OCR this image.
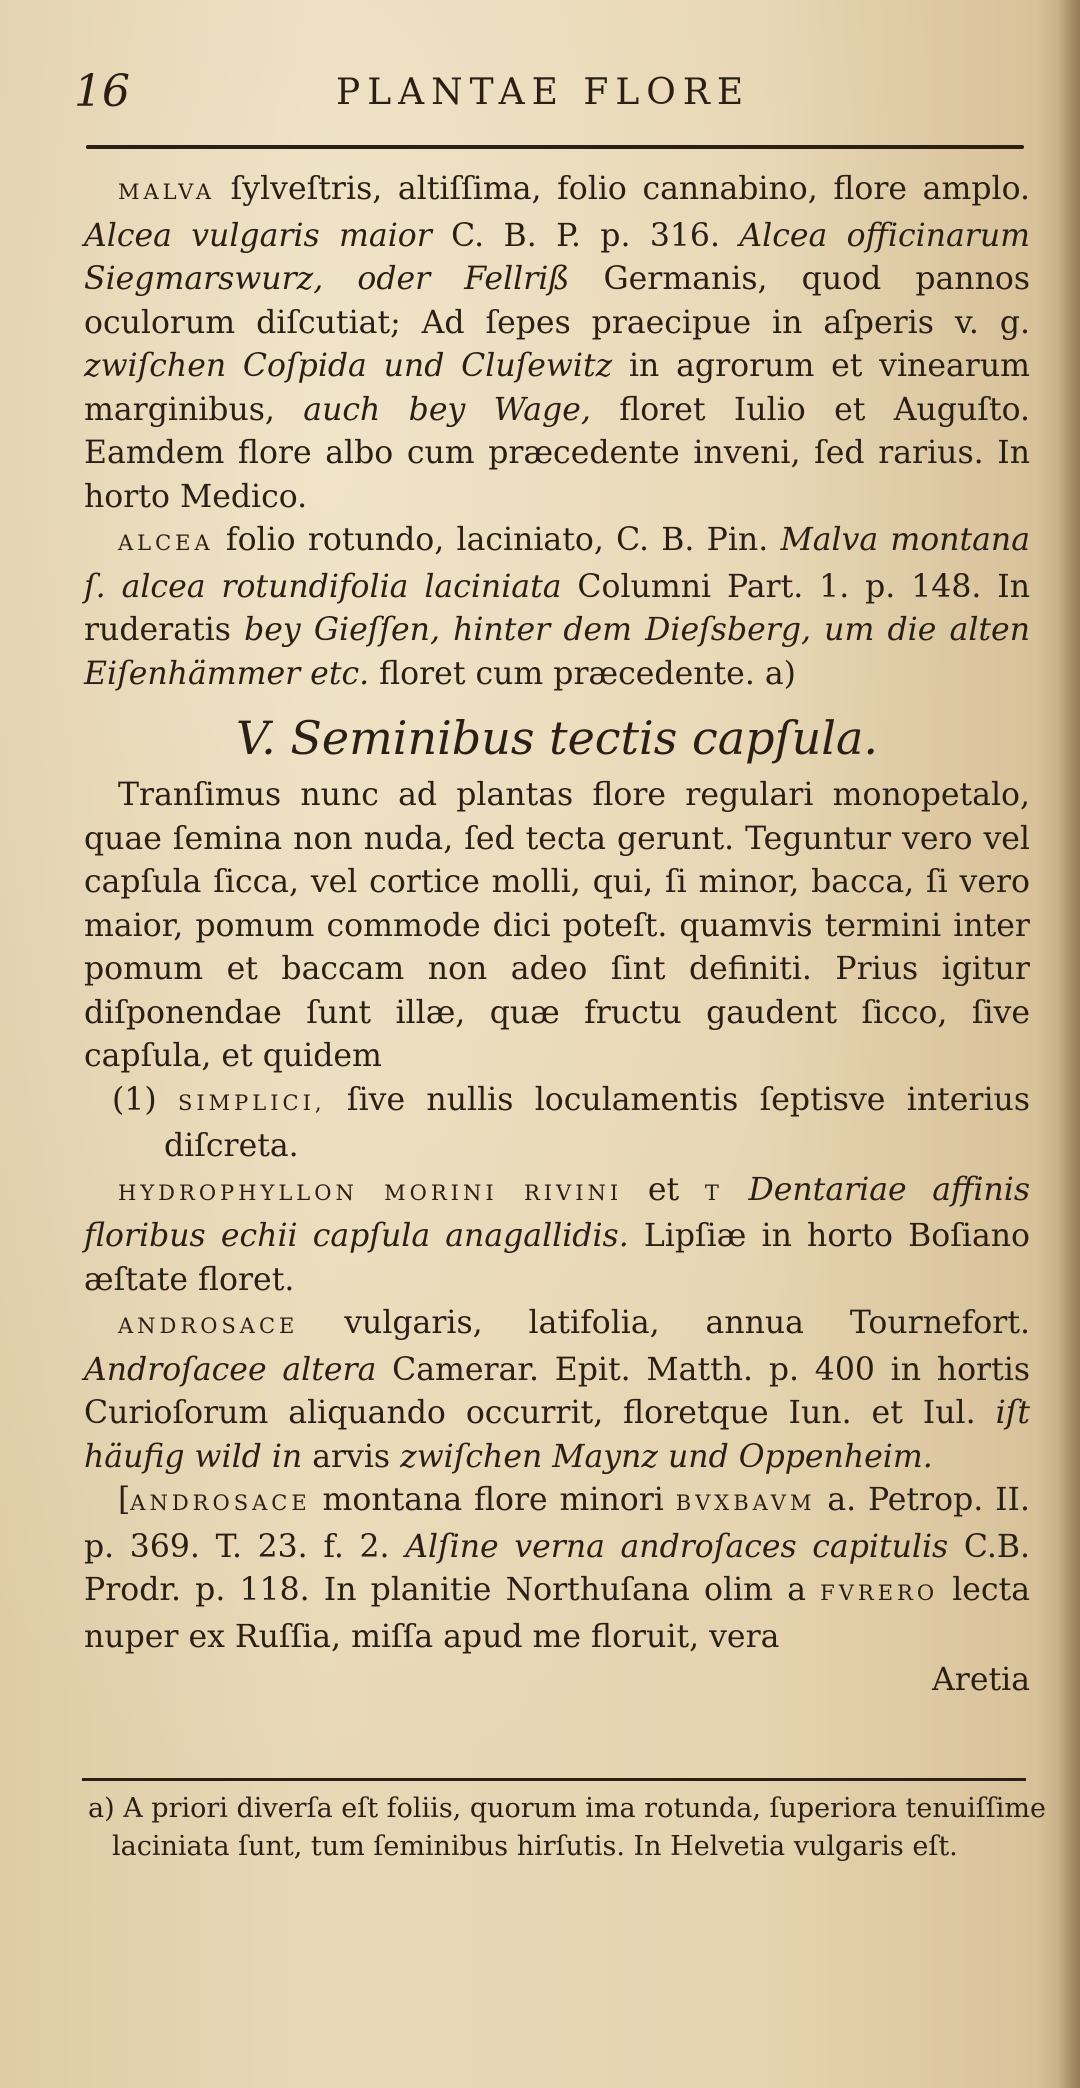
16	PLANTAE FLORE

MALVA ſylveſtris, altiſſima, folio cannabino, flore amplo. Alcea vulgaris maior C. B. P. p. 316. Alcea officinarum Siegmarswurz, oder Fellriß Germanis, quod pannos oculorum diſcutiat; Ad ſepes praecipue in aſperis v. g. zwiſchen Coſpida und Cluſewitz in agrorum et vinearum marginibus, auch bey Wage, floret Iulio et Auguſto. Eamdem flore albo cum præcedente inveni, ſed rarius. In horto Medico.

ALCEA folio rotundo, laciniato, C. B. Pin. Malva montana ſ. alcea rotundifolia laciniata Columni Part. 1. p. 148. In ruderatis bey Gieſſen, hinter dem Dieſsberg, um die alten Eiſenhämmer etc. floret cum præcedente. a)

V. Seminibus tectis capſula.

Tranſimus nunc ad plantas flore regulari monopetalo, quae ſemina non nuda, ſed tecta gerunt. Teguntur vero vel capſula ſicca, vel cortice molli, qui, ſi minor, bacca, ſi vero maior, pomum commode dici poteſt. quamvis termini inter pomum et baccam non adeo ſint definiti. Prius igitur diſponendae ſunt illæ, quæ fructu gaudent ſicco, ſive capſula, et quidem

(1) SIMPLICI, ſive nullis loculamentis ſeptisve interius diſcreta.

HYDROPHYLLON MORINI RIVINI et T Dentariae affinis floribus echii capſula anagallidis. Lipſiæ in horto Boſiano æſtate floret.

ANDROSACE vulgaris, latifolia, annua Tournefort. Androſacee altera Camerar. Epit. Matth. p. 400 in hortis Curioſorum aliquando occurrit, floretque Iun. et Iul. iſt häufig wild in arvis zwiſchen Maynz und Oppenheim.

[ANDROSACE montana flore minori BVXBAVM a. Petrop. II. p. 369. T. 23. f. 2. Alſine verna androſaces capitulis C.B. Prodr. p. 118. In planitie Northuſana olim a FVRERO lecta nuper ex Ruſſia, miſſa apud me floruit, vera

Aretia

a) A priori diverſa eſt foliis, quorum ima rotunda, ſuperiora tenuiſſime laciniata ſunt, tum ſeminibus hirſutis. In Helvetia vulgaris eſt.
